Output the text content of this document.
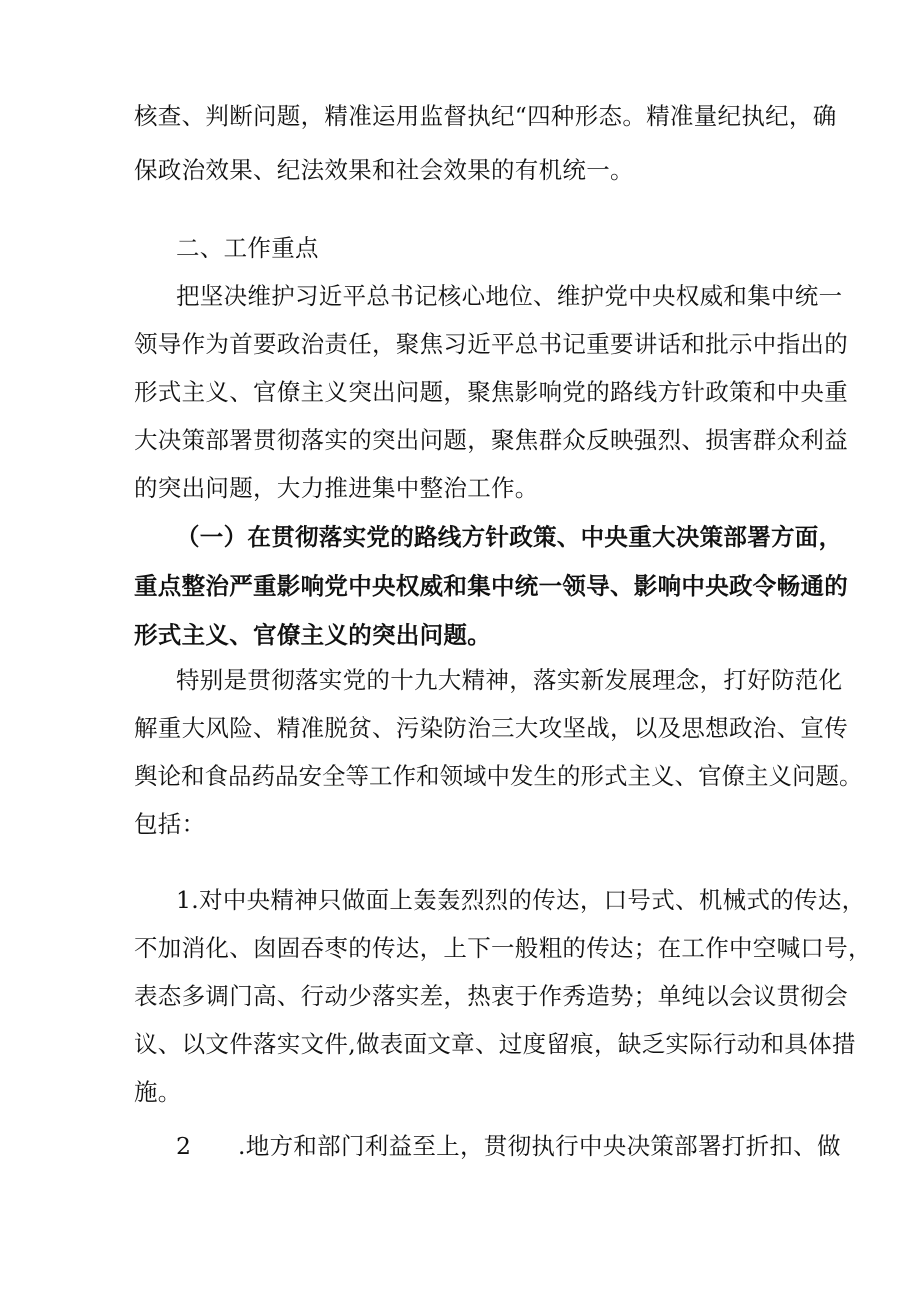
核查、判断问题，精准运用监督执纪“四种形态。精准量纪执纪，确
保政治效果、纪法效果和社会效果的有机统一。
二、工作重点
把坚决维护习近平总书记核心地位、维护党中央权威和集中统一
领导作为首要政治责任，聚焦习近平总书记重要讲话和批示中指出的
形式主义、官僚主义突出问题，聚焦影响党的路线方针政策和中央重
大决策部署贯彻落实的突出问题，聚焦群众反映强烈、损害群众利益
的突出问题，大力推进集中整治工作。
（一）在贯彻落实党的路线方针政策、中央重大决策部署方面，
重点整治严重影响党中央权威和集中统一领导、影响中央政令畅通的
形式主义、官僚主义的突出问题。
特别是贯彻落实党的十九大精神，落实新发展理念，打好防范化
解重大风险、精准脱贫、污染防治三大攻坚战，以及思想政治、宣传
舆论和食品药品安全等工作和领域中发生的形式主义、官僚主义问题。
包括：
1.对中央精神只做面上轰轰烈烈的传达，口号式、机械式的传达，
不加消化、囱固吞枣的传达，上下一般粗的传达；在工作中空喊口号，
表态多调门高、行动少落实差，热衷于作秀造势；单纯以会议贯彻会
议、以文件落实文件,做表面文章、过度留痕，缺乏实际行动和具体措
施。
2 .地方和部门利益至上，贯彻执行中央决策部署打折扣、做
